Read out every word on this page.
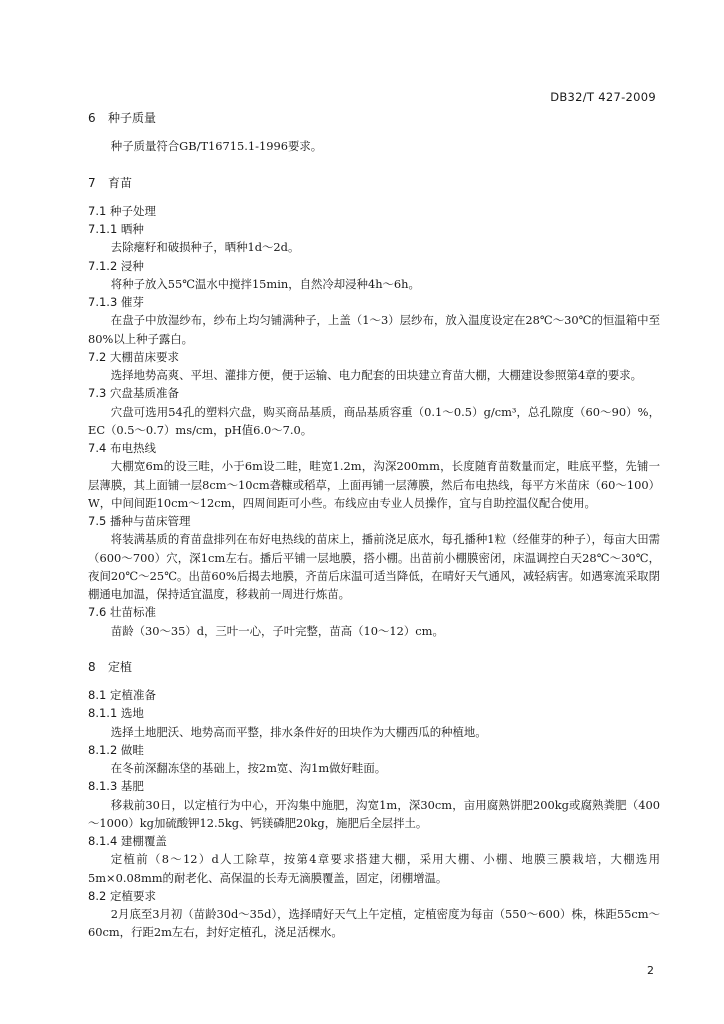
DB32/T 427-2009
6 种子质量
种子质量符合GB/T16715.1-1996要求。
7 育苗
7.1 种子处理
7.1.1 晒种
去除瘪籽和破损种子，晒种1d～2d。
7.1.2 浸种
将种子放入55℃温水中搅拌15min，自然冷却浸种4h～6h。
7.1.3 催芽
在盘子中放湿纱布，纱布上均匀铺满种子，上盖（1～3）层纱布，放入温度设定在28℃～30℃的恒温箱中至80%以上种子露白。
7.2 大棚苗床要求
选择地势高爽、平坦、灌排方便，便于运输、电力配套的田块建立育苗大棚，大棚建设参照第4章的要求。
7.3 穴盘基质准备
穴盘可选用54孔的塑料穴盘，购买商品基质，商品基质容重（0.1～0.5）g/cm³，总孔隙度（60～90）%，EC（0.5～0.7）ms/cm，pH值6.0～7.0。
7.4 布电热线
大棚宽6m的设三畦，小于6m设二畦，畦宽1.2m，沟深200mm，长度随育苗数量而定，畦底平整，先铺一层薄膜，其上面铺一层8cm～10cm砻糠或稻草，上面再铺一层薄膜，然后布电热线，每平方米苗床（60～100）W，中间间距10cm～12cm，四周间距可小些。布线应由专业人员操作，宜与自助控温仪配合使用。
7.5 播种与苗床管理
将装满基质的育苗盘排列在布好电热线的苗床上，播前浇足底水，每孔播种1粒（经催芽的种子），每亩大田需（600～700）穴，深1cm左右。播后平铺一层地膜，搭小棚。出苗前小棚膜密闭，床温调控白天28℃～30℃，夜间20℃～25℃。出苗60%后揭去地膜，齐苗后床温可适当降低，在晴好天气通风，减轻病害。如遇寒流采取閉棚通电加温，保持适宜温度，移栽前一周进行炼苗。
7.6 壮苗标准
苗龄（30～35）d，三叶一心，子叶完整，苗高（10～12）cm。
8 定植
8.1 定植准备
8.1.1 选地
选择土地肥沃、地势高而平整，排水条件好的田块作为大棚西瓜的种植地。
8.1.2 做畦
在冬前深翻冻垡的基础上，按2m宽、沟1m做好畦面。
8.1.3 基肥
移栽前30日，以定植行为中心，开沟集中施肥，沟宽1m，深30cm，亩用腐熟饼肥200kg或腐熟粪肥（400～1000）kg加硫酸钾12.5kg、钙镁磷肥20kg，施肥后全层拌土。
8.1.4 建棚覆盖
定植前（8～12）d人工除草，按第4章要求搭建大棚，采用大棚、小棚、地膜三膜栽培，大棚选用5m×0.08mm的耐老化、高保温的长寿无滴膜覆盖，固定，闭棚增温。
8.2 定植要求
2月底至3月初（苗龄30d～35d），选择晴好天气上午定植，定植密度为每亩（550～600）株，株距55cm～60cm，行距2m左右，封好定植孔，浇足活棵水。
2
